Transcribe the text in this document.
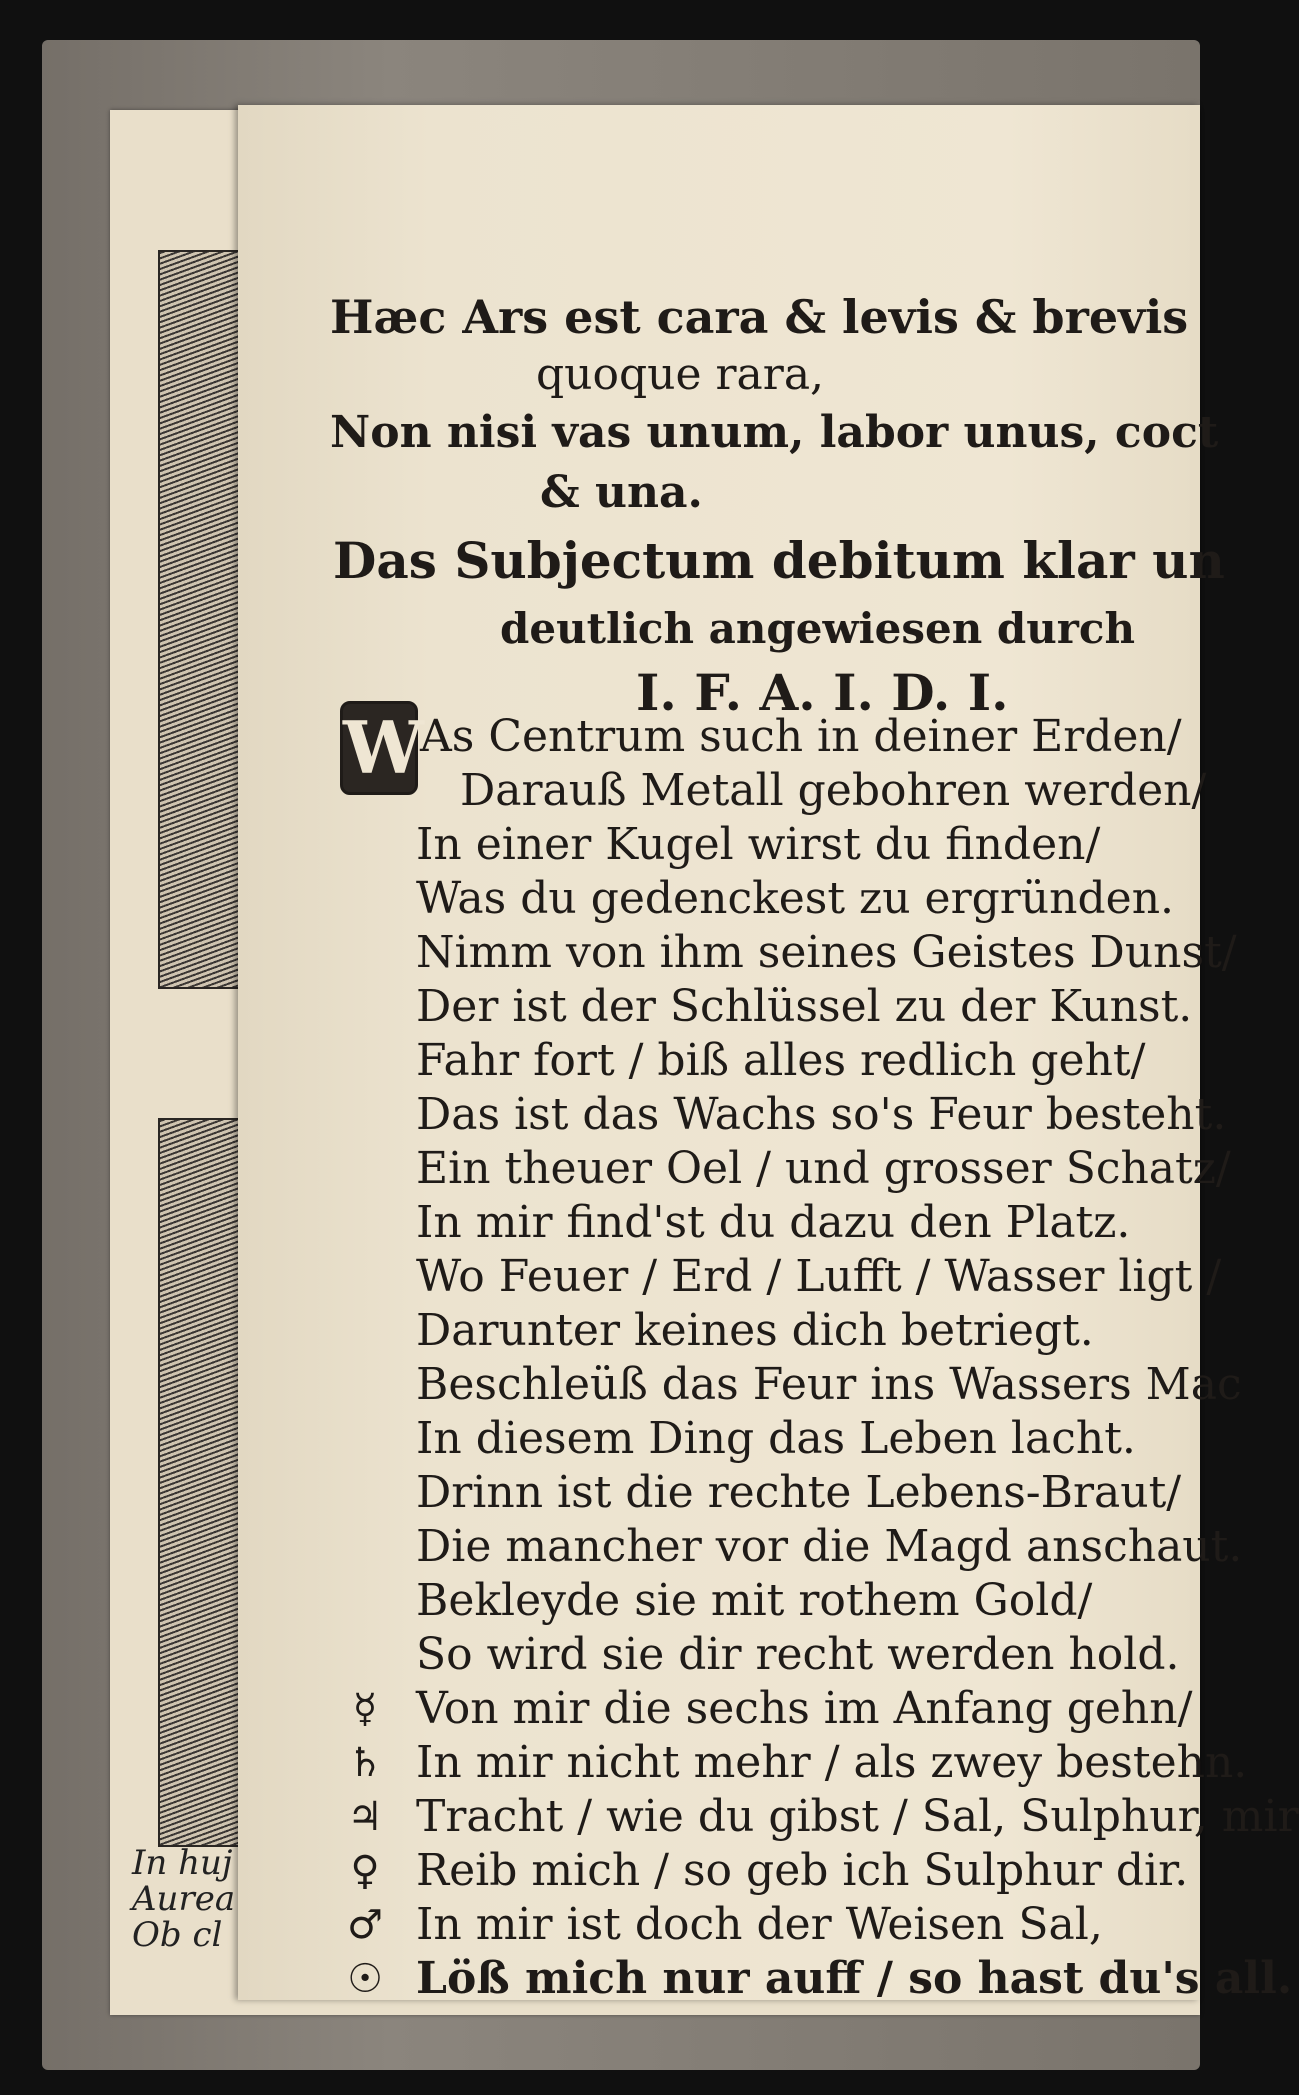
In huj
Aurea
Ob cl
Hæc Ars est cara & levis & brevis
quoque rara,
Non nisi vas unum, labor unus, coct
& una.
Das Subjectum debitum klar un
deutlich angewiesen durch
I. F. A. I. D. I.
W
As Centrum such in deiner Erden/
Darauß Metall gebohren werden/
In einer Kugel wirst du finden/
Was du gedenckest zu ergründen.
Nimm von ihm seines Geistes Dunst/
Der ist der Schlüssel zu der Kunst.
Fahr fort / biß alles redlich geht/
Das ist das Wachs so's Feur besteht.
Ein theuer Oel / und grosser Schatz/
In mir find'st du dazu den Platz.
Wo Feuer / Erd / Lufft / Wasser ligt /
Darunter keines dich betriegt.
Beschleüß das Feur ins Wassers Mac
In diesem Ding das Leben lacht.
Drinn ist die rechte Lebens-Braut/
Die mancher vor die Magd anschaut.
Bekleyde sie mit rothem Gold/
So wird sie dir recht werden hold.
☿ Von mir die sechs im Anfang gehn/
♄ In mir nicht mehr / als zwey bestehn.
♃ Tracht / wie du gibst / Sal, Sulphur, mir
♀ Reib mich / so geb ich Sulphur dir.
♂ In mir ist doch der Weisen Sal,
☉ Löß mich nur auff / so hast du's all.
